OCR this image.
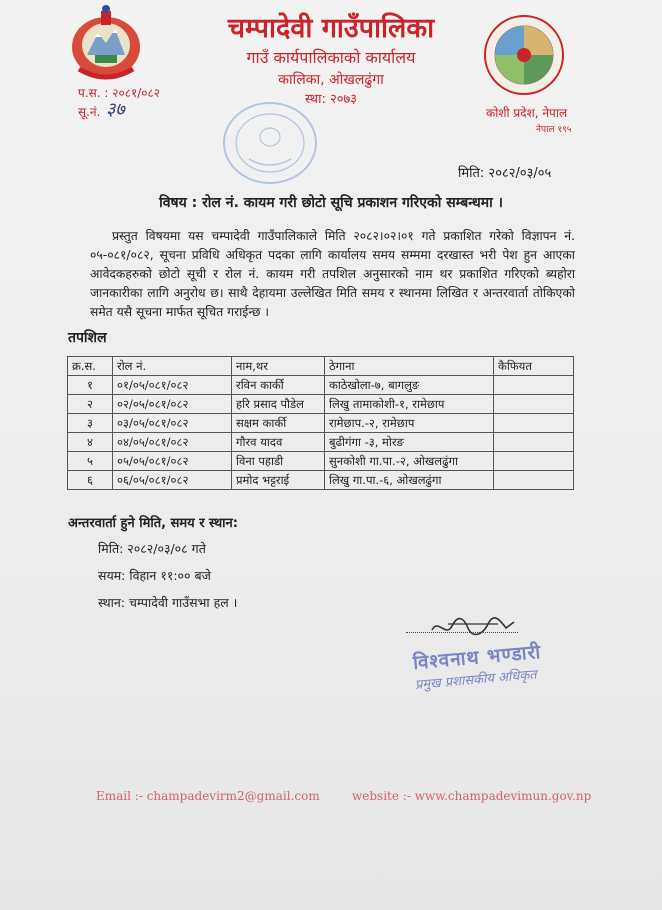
चम्पादेवी गाउँपालिका
गाउँ कार्यपालिकाको कार्यालय
कालिका, ओखलढुंगा
स्था: २०७३
प.स. : २०८१/०८२
सू.नं. ३७	कोशी प्रदेश, नेपाल
नेपाल १९५
मिति: २०८२/०३/०५
विषय : रोल नं. कायम गरी छोटो सूचि प्रकाशन गरिएको सम्बन्धमा ।
प्रस्तुत विषयमा यस चम्पादेवी गाउँपालिकाले मिति २०८२।०२।०१ गते प्रकाशित गरेको विज्ञापन नं. ०५-०८१/०८२, सूचना प्रविधि अधिकृत पदका लागि कार्यालय समय सम्ममा दरखास्त भरी पेश हुन आएका आवेदकहरुको छोटो सूची र रोल नं. कायम गरी तपशिल अनुसारको नाम थर प्रकाशित गरिएको ब्यहोरा जानकारीका लागि अनुरोध छ। साथै देहायमा उल्लेखित मिति समय र स्थानमा लिखित र अन्तरवार्ता तोकिएको समेत यसै सूचना मार्फत सूचित गराईन्छ ।
तपशिल
क्र.स.	रोल नं.	नाम,थर	ठेगाना	कैफियत
१	०१/०५/०८१/०८२	रविन कार्की	काठेखोला-७, बागलुङ	
२	०२/०५/०८१/०८२	हरि प्रसाद पौडेल	लिखु तामाकोशी-१, रामेछाप	
३	०३/०५/०८१/०८२	सक्षम कार्की	रामेछाप.-२, रामेछाप	
४	०४/०५/०८१/०८२	गौरव यादव	बुढीगंगा -३, मोरङ	
५	०५/०५/०८१/०८२	विना पहाडी	सुनकोशी गा.पा.-२, ओखलढुंगा	
६	०६/०५/०८१/०८२	प्रमोद भट्टराई	लिखु गा.पा.-६, ओखलढुंगा	
अन्तरवार्ता हुने मिति, समय र स्थान:
मिति: २०८२/०३/०८ गते
सयम: विहान ११:०० बजे
स्थान: चम्पादेवी गाउँसभा हल ।
विश्वनाथ भण्डारी
प्रमुख प्रशासकीय अधिकृत
Email :- champadevirm2@gmail.com	website :- www.champadevimun.gov.np
